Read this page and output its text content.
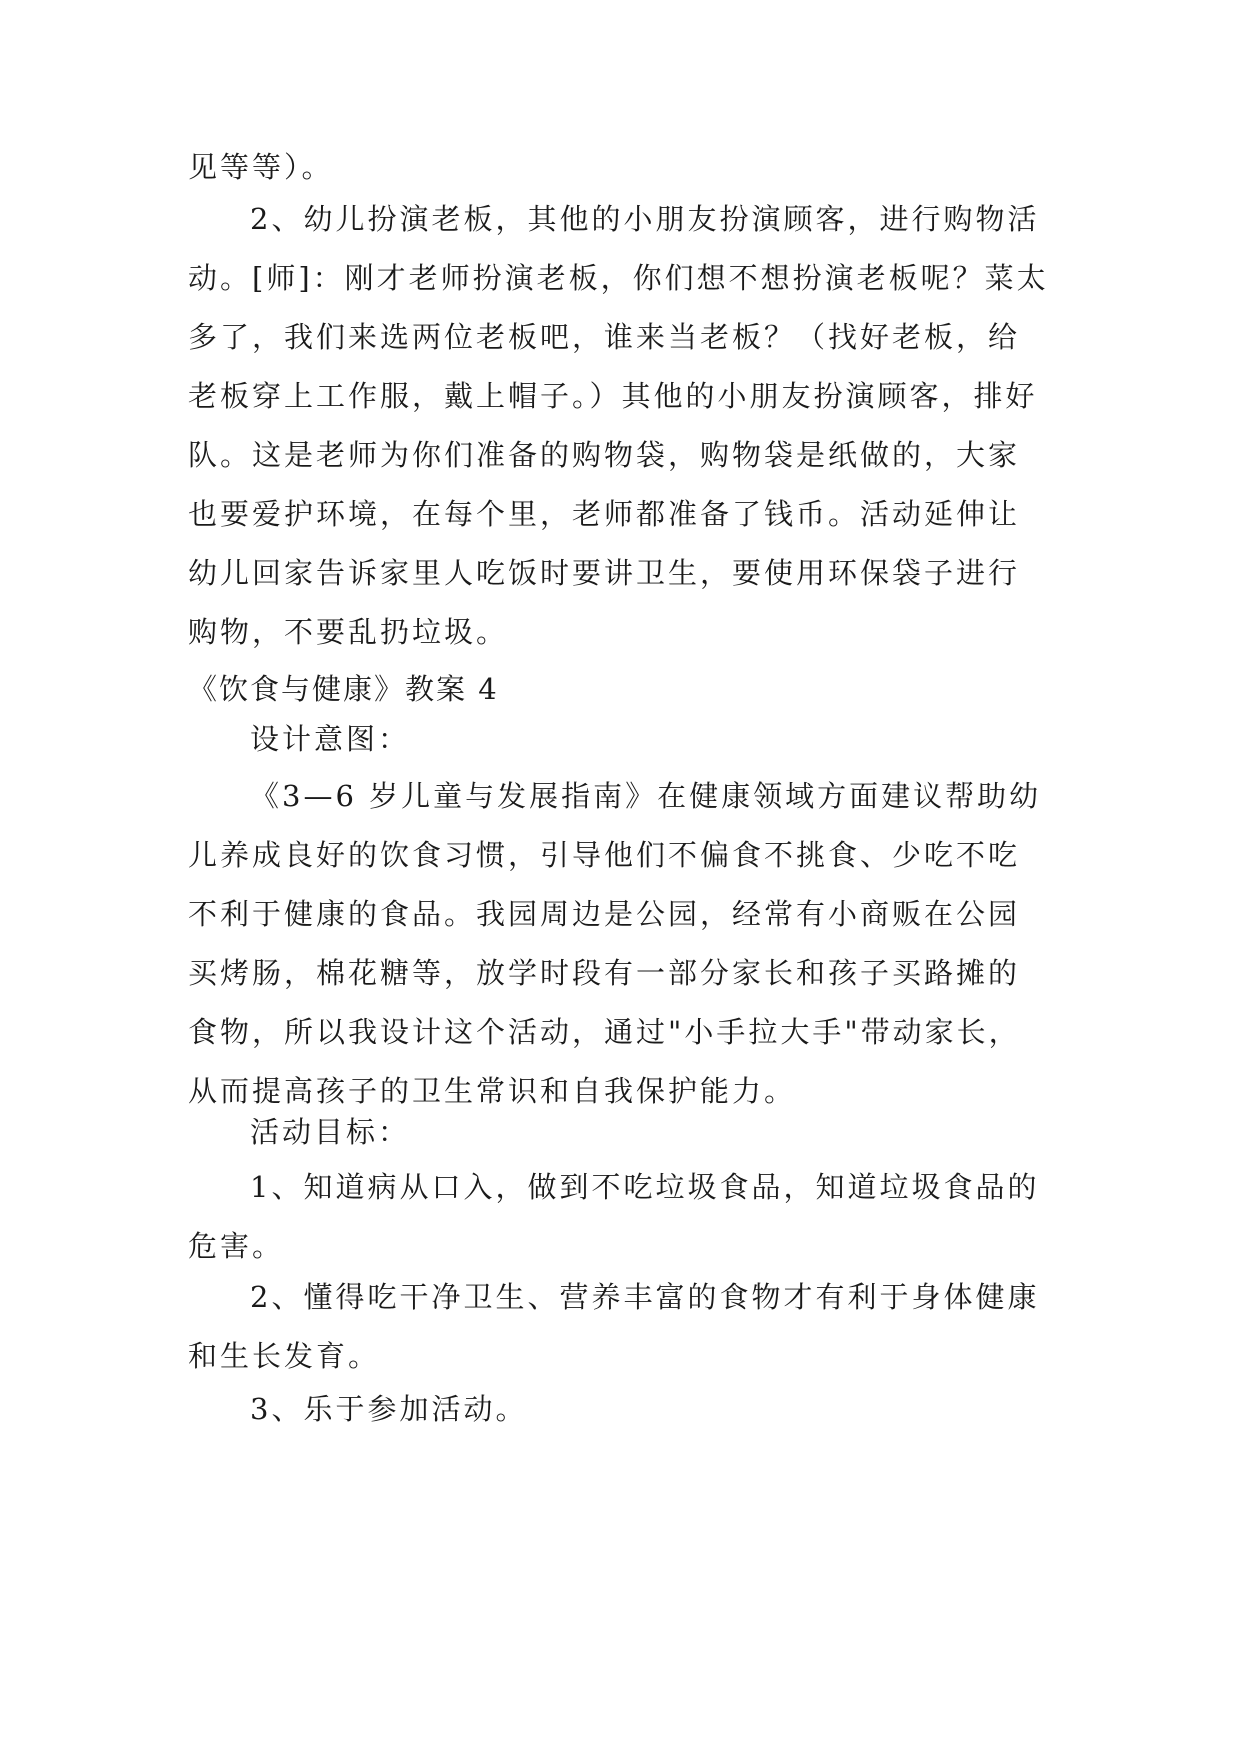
见等等）。

2、幼儿扮演老板，其他的小朋友扮演顾客，进行购物活动。[师]：刚才老师扮演老板，你们想不想扮演老板呢？菜太多了，我们来选两位老板吧，谁来当老板？（找好老板，给老板穿上工作服，戴上帽子。）其他的小朋友扮演顾客，排好队。这是老师为你们准备的购物袋，购物袋是纸做的，大家也要爱护环境，在每个里，老师都准备了钱币。活动延伸让幼儿回家告诉家里人吃饭时要讲卫生，要使用环保袋子进行购物，不要乱扔垃圾。

《饮食与健康》教案 4

设计意图：

《3—6 岁儿童与发展指南》在健康领域方面建议帮助幼儿养成良好的饮食习惯，引导他们不偏食不挑食、少吃不吃不利于健康的食品。我园周边是公园，经常有小商贩在公园买烤肠，棉花糖等，放学时段有一部分家长和孩子买路摊的食物，所以我设计这个活动，通过"小手拉大手"带动家长，从而提高孩子的卫生常识和自我保护能力。

活动目标：

1、知道病从口入，做到不吃垃圾食品，知道垃圾食品的危害。

2、懂得吃干净卫生、营养丰富的食物才有利于身体健康和生长发育。

3、乐于参加活动。
